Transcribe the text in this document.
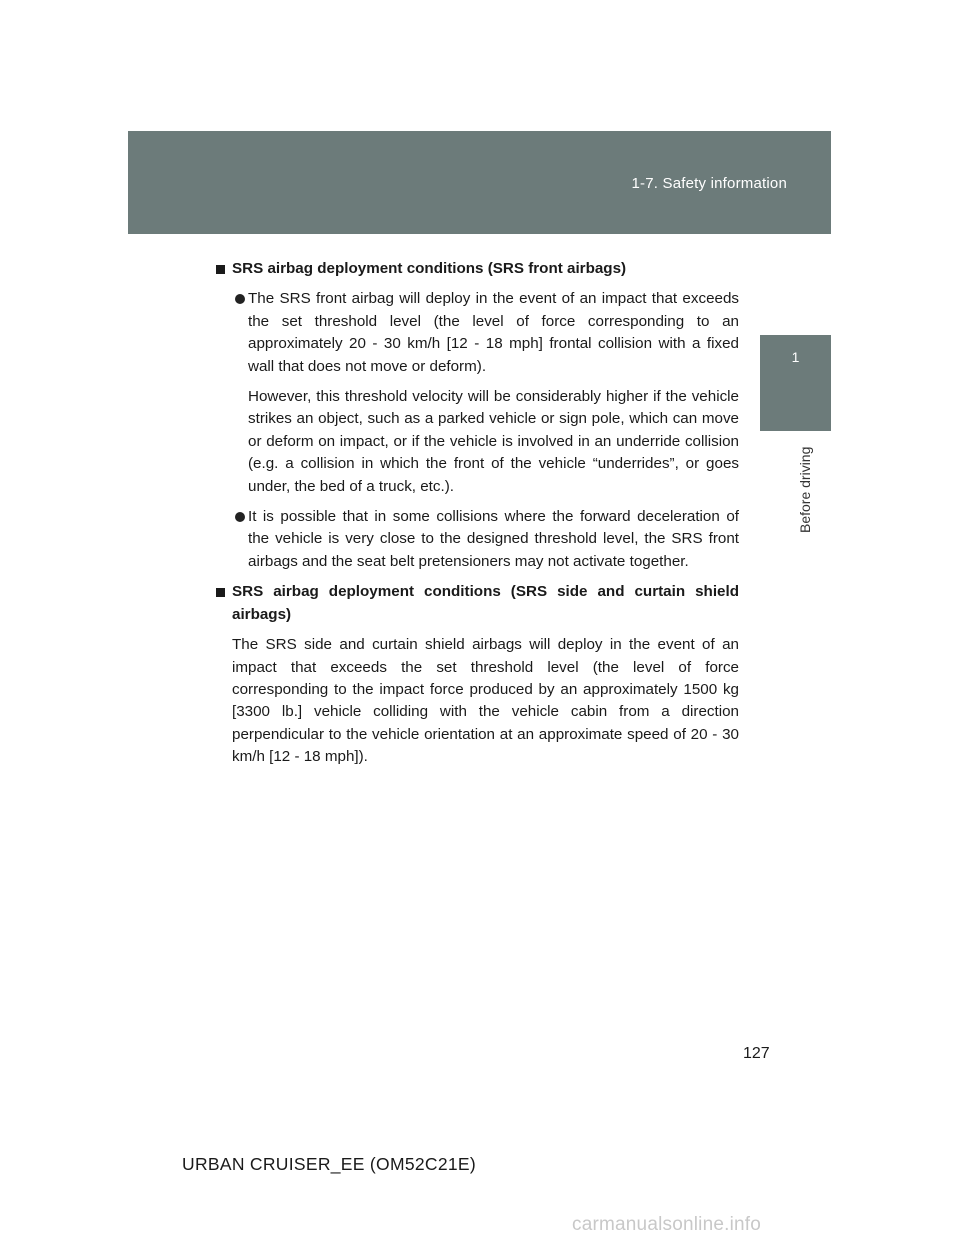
1-7. Safety information
1
Before driving

SRS airbag deployment conditions (SRS front airbags)

The SRS front airbag will deploy in the event of an impact that exceeds the set threshold level (the level of force corresponding to an approximately 20 - 30 km/h [12 - 18 mph] frontal collision with a fixed wall that does not move or deform).

However, this threshold velocity will be considerably higher if the vehicle strikes an object, such as a parked vehicle or sign pole, which can move or deform on impact, or if the vehicle is involved in an underride collision (e.g. a collision in which the front of the vehicle “underrides”, or goes under, the bed of a truck, etc.).

It is possible that in some collisions where the forward deceleration of the vehicle is very close to the designed threshold level, the SRS front airbags and the seat belt pretensioners may not activate together.

SRS airbag deployment conditions (SRS side and curtain shield airbags)

The SRS side and curtain shield airbags will deploy in the event of an impact that exceeds the set threshold level (the level of force corresponding to the impact force produced by an approximately 1500 kg [3300 lb.] vehicle colliding with the vehicle cabin from a direction perpendicular to the vehicle orientation at an approximate speed of 20 - 30 km/h [12 - 18 mph]).

127
URBAN CRUISER_EE (OM52C21E)
carmanualsonline.info
